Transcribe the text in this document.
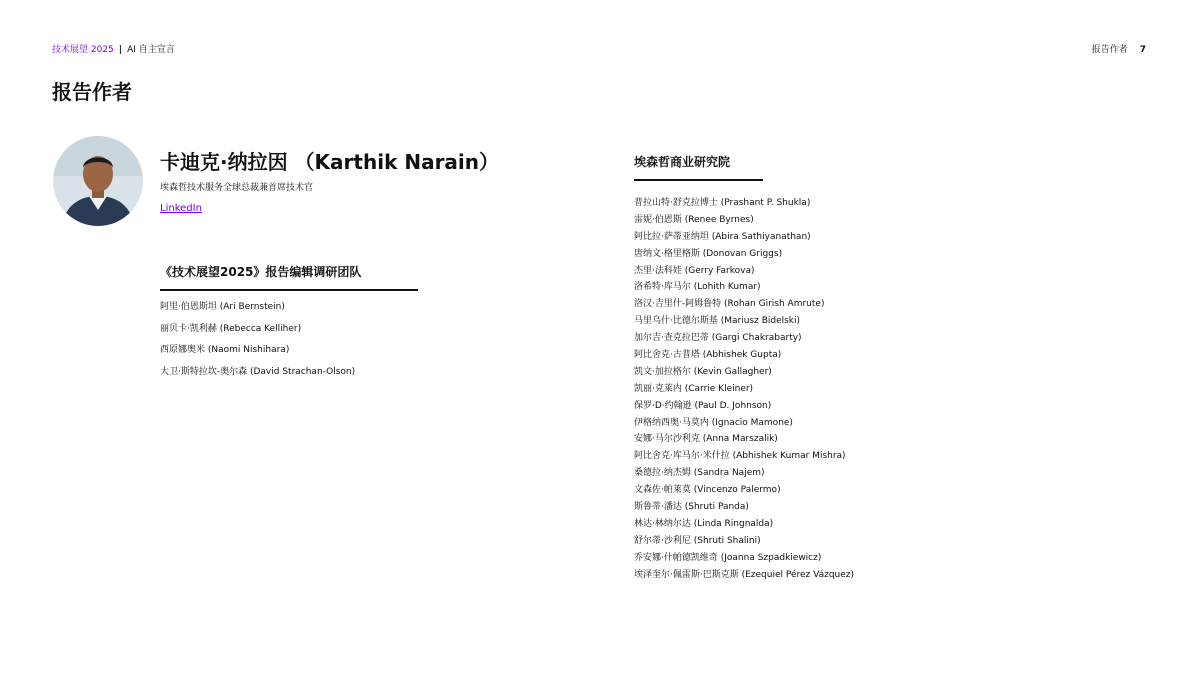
技术展望 2025 | AI 自主宣言	报告作者 7
报告作者
卡迪克·纳拉因 （Karthik Narain）
埃森哲技术服务全球总裁兼首席技术官
LinkedIn
《技术展望2025》报告编辑调研团队
阿里·伯恩斯坦 (Ari Bernstein)
丽贝卡·凯利赫 (Rebecca Kelliher)
西原娜奥米 (Naomi Nishihara)
大卫·斯特拉坎-奥尔森 (David Strachan-Olson)
埃森哲商业研究院
普拉山特·舒克拉博士 (Prashant P. Shukla)
雷妮·伯恩斯 (Renee Byrnes)
阿比拉·萨蒂亚纳坦 (Abira Sathiyanathan)
唐纳文·格里格斯 (Donovan Griggs)
杰里·法科娃 (Gerry Farkova)
洛希特·库马尔 (Lohith Kumar)
洛汉·吉里什-阿姆鲁特 (Rohan Girish Amrute)
马里乌什·比德尔斯基 (Mariusz Bidelski)
加尔吉·查克拉巴蒂 (Gargi Chakrabarty)
阿比舍克·古普塔 (Abhishek Gupta)
凯文·加拉格尔 (Kevin Gallagher)
凯丽·克莱内 (Carrie Kleiner)
保罗·D·约翰逊 (Paul D. Johnson)
伊格纳西奥·马莫内 (Ignacio Mamone)
安娜·马尔沙利克 (Anna Marszalik)
阿比舍克·库马尔·米什拉 (Abhishek Kumar Mishra)
桑德拉·纳杰姆 (Sandra Najem)
文森佐·帕莱莫 (Vincenzo Palermo)
斯鲁蒂·潘达 (Shruti Panda)
林达·林纳尔达 (Linda Ringnalda)
舒尔蒂·沙利尼 (Shruti Shalini)
乔安娜·什帕德凯维奇 (Joanna Szpadkiewicz)
埃泽奎尔·佩雷斯·巴斯克斯 (Ezequiel Pérez Vázquez)
